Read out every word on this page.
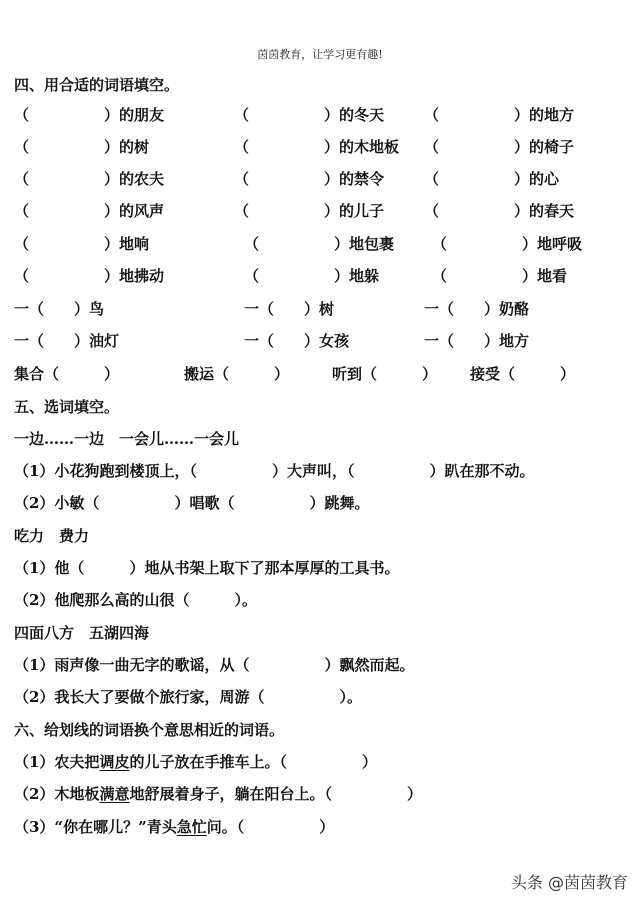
茵茵教育，让学习更有趣!
四、用合适的词语填空。
（　　　　　）的朋友	（　　　　　）的冬天	（　　　　　）的地方
（　　　　　）的树	（　　　　　）的木地板 （　　　　　）的椅子
（　　　　　）的农夫	（　　　　　）的禁令	（　　　　　）的心
（　　　　　）的风声	（　　　　　）的儿子	（　　　　　）的春天
（　　　　　）地响	（　　　　　）地包裹	（　　　　　）地呼吸
（　　　　　）地拂动	（　　　　　）地躲	（　　　　　）地看
一（　　）鸟	一（　　）树	一（　　）奶酪
一（　　）油灯	一（　　）女孩	一（　　）地方
集合（　　　）	搬运（　　　）	听到（　　　） 接受（　　　）
五、选词填空。
一边……一边　一会儿……一会儿
（1）小花狗跑到楼顶上，（　　　　　）大声叫，（　　　　　）趴在那不动。
（2）小敏（　　　　　）唱歌（　　　　　）跳舞。
吃力　费力
（1）他（　　　）地从书架上取下了那本厚厚的工具书。
（2）他爬那么高的山很（　　　）。
四面八方　五湖四海
（1）雨声像一曲无字的歌谣，从（　　　　　）飘然而起。
（2）我长大了要做个旅行家，周游（　　　　　）。
六、给划线的词语换个意思相近的词语。
（1）农夫把调皮的儿子放在手推车上。（　　　　　）
（2）木地板满意地舒展着身子，躺在阳台上。（　　　　　）
（3）“你在哪儿？”青头急忙问。（　　　　　）
头条 @茵茵教育
